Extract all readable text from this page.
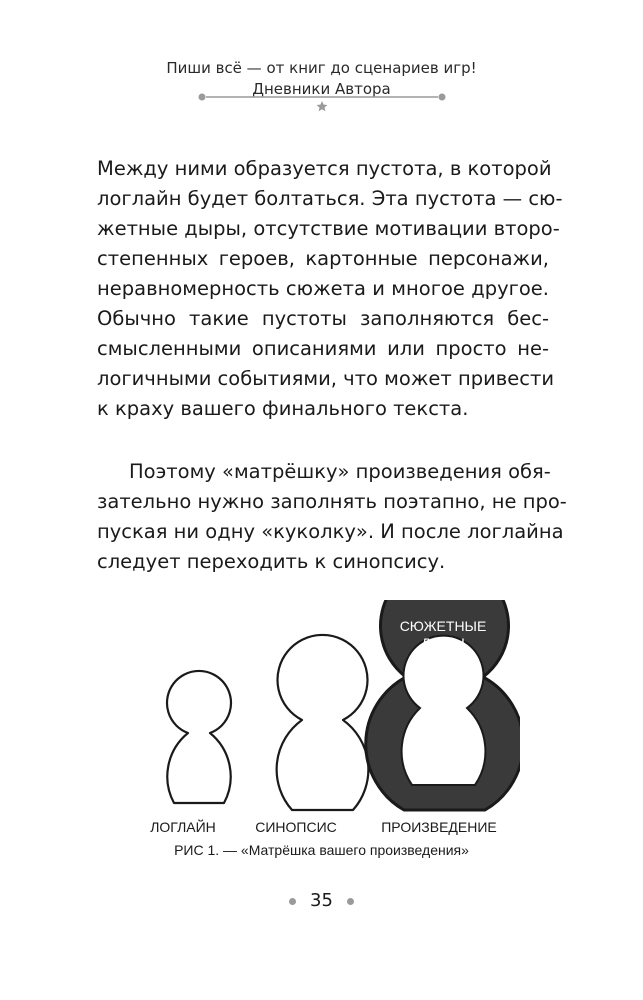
Пиши всё — от книг до сценариев игр!
Дневники Автора
Между ними образуется пустота, в которой
логлайн будет болтаться. Эта пустота — сю-
жетные дыры, отсутствие мотивации второ-
степенных героев, картонные персонажи,
неравномерность сюжета и многое другое.
Обычно такие пустоты заполняются бес-
смысленными описаниями или просто не-
логичными событиями, что может привести
к краху вашего финального текста.
Поэтому «матрёшку» произведения обя-
зательно нужно заполнять поэтапно, не про-
пуская ни одну «куколку». И после логлайна
следует переходить к синопсису.
СЮЖЕТНЫЕ
ДЫРЫ
ЛОГЛАЙН	СИНОПСИС	ПРОИЗВЕДЕНИЕ
РИС 1. — «Матрёшка вашего произведения»
35
